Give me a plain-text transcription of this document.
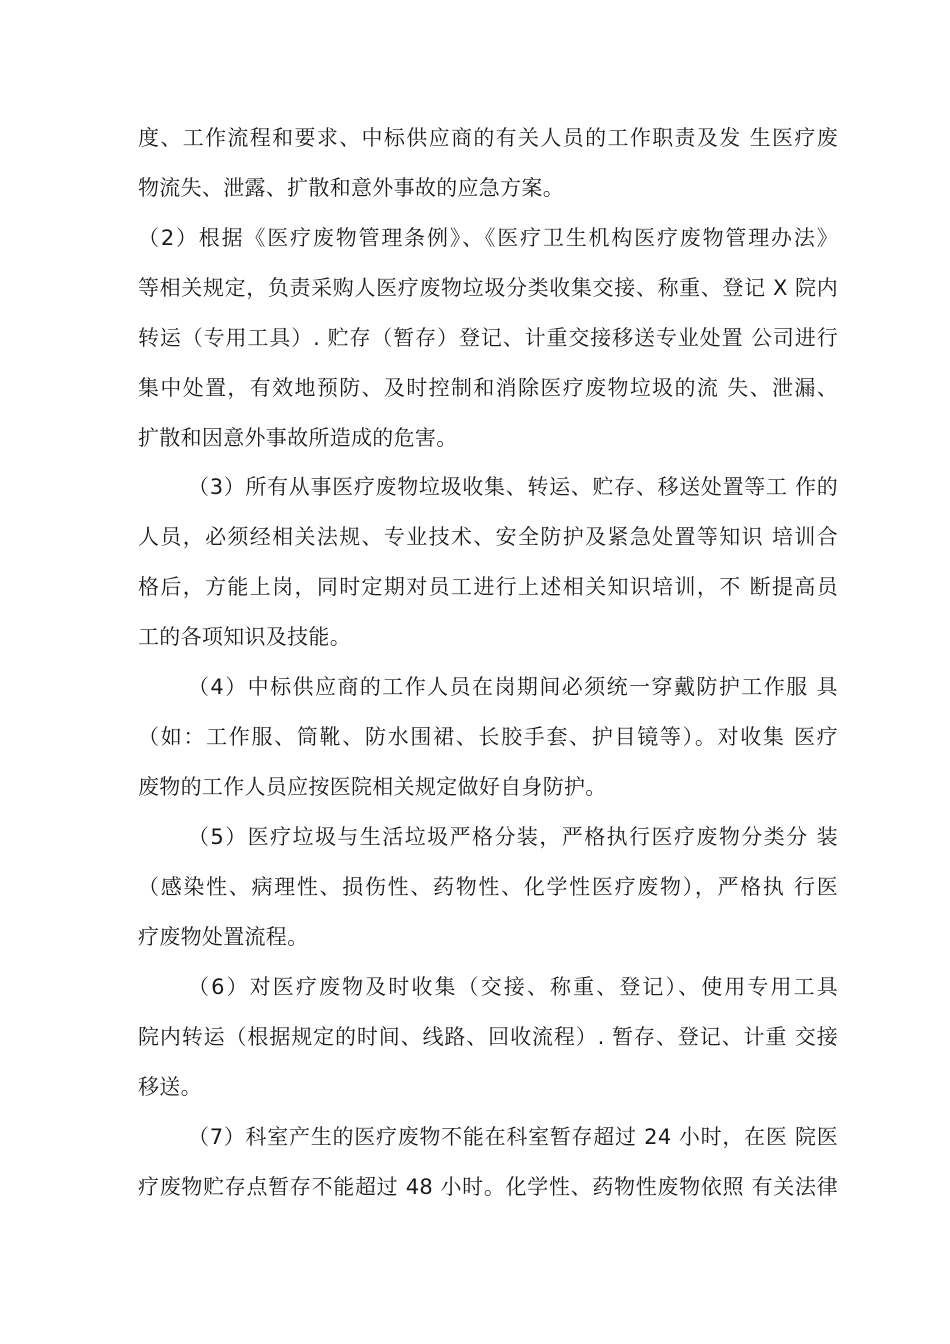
度、工作流程和要求、中标供应商的有关人员的工作职责及发 生医疗废
物流失、泄露、扩散和意外事故的应急方案。
（2）根据《医疗废物管理条例》、《医疗卫生机构医疗废物管理办法》
等相关规定，负责采购人医疗废物垃圾分类收集交接、称重、登记 X 院内
转运（专用工具）. 贮存（暂存）登记、计重交接移送专业处置 公司进行
集中处置，有效地预防、及时控制和消除医疗废物垃圾的流 失、泄漏、
扩散和因意外事故所造成的危害。
（3）所有从事医疗废物垃圾收集、转运、贮存、移送处置等工 作的
人员，必须经相关法规、专业技术、安全防护及紧急处置等知识 培训合
格后，方能上岗，同时定期对员工进行上述相关知识培训，不 断提高员
工的各项知识及技能。
（4）中标供应商的工作人员在岗期间必须统一穿戴防护工作服 具
（如：工作服、筒靴、防水围裙、长胶手套、护目镜等）。对收集 医疗
废物的工作人员应按医院相关规定做好自身防护。
（5）医疗垃圾与生活垃圾严格分装，严格执行医疗废物分类分 装
（感染性、病理性、损伤性、药物性、化学性医疗废物），严格执 行医
疗废物处置流程。
（6）对医疗废物及时收集（交接、称重、登记）、使用专用工具
院内转运（根据规定的时间、线路、回收流程）. 暂存、登记、计重 交接
移送。
（7）科室产生的医疗废物不能在科室暂存超过 24 小时，在医 院医
疗废物贮存点暂存不能超过 48 小时。化学性、药物性废物依照 有关法律
